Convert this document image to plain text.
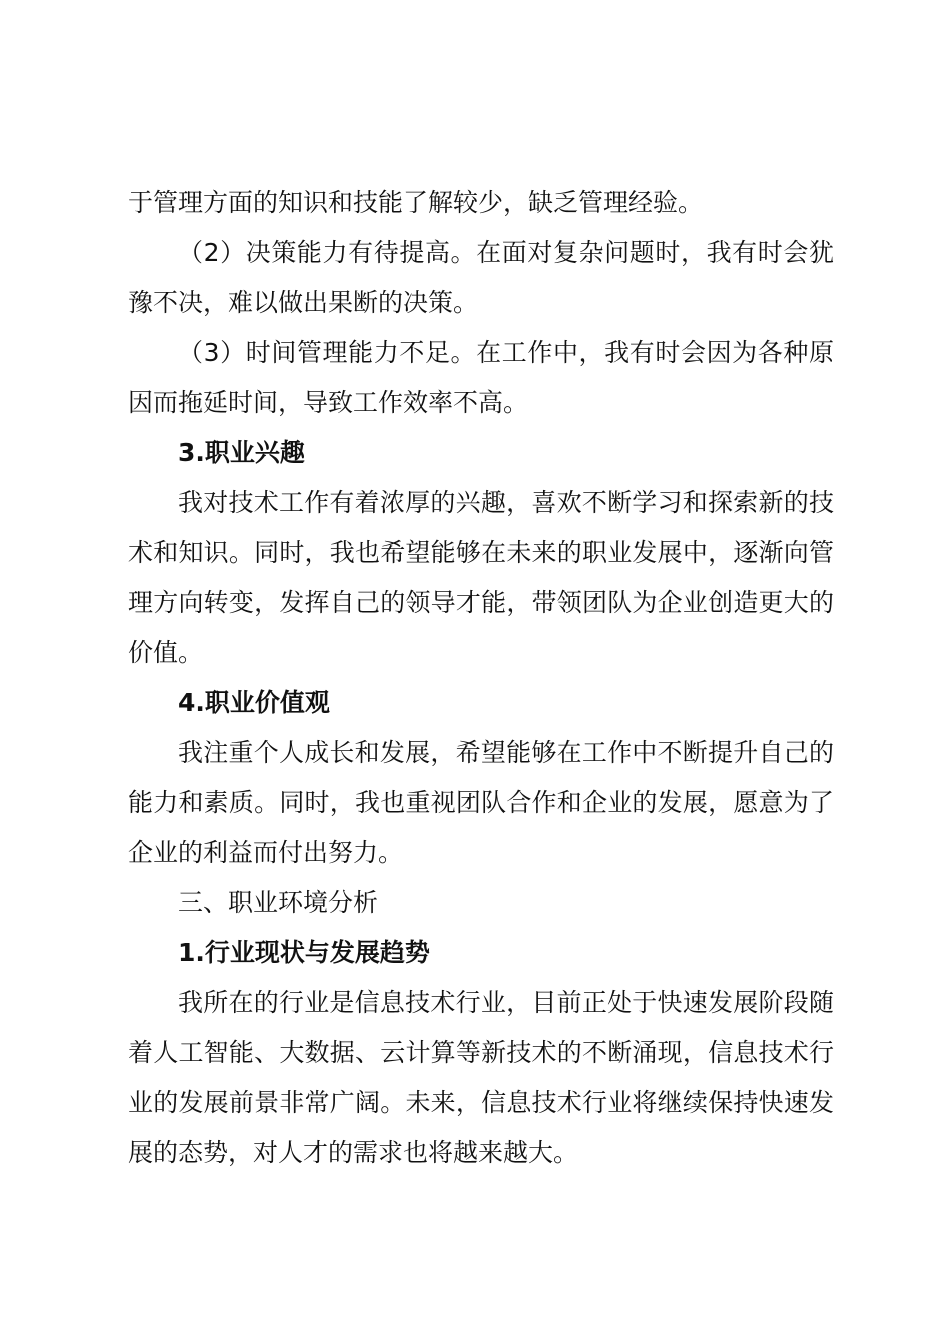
于管理方面的知识和技能了解较少，缺乏管理经验。

（2）决策能力有待提高。在面对复杂问题时，我有时会犹豫不决，难以做出果断的决策。

（3）时间管理能力不足。在工作中，我有时会因为各种原因而拖延时间，导致工作效率不高。

3.职业兴趣

我对技术工作有着浓厚的兴趣，喜欢不断学习和探索新的技术和知识。同时，我也希望能够在未来的职业发展中，逐渐向管理方向转变，发挥自己的领导才能，带领团队为企业创造更大的价值。

4.职业价值观

我注重个人成长和发展，希望能够在工作中不断提升自己的能力和素质。同时，我也重视团队合作和企业的发展，愿意为了企业的利益而付出努力。

三、职业环境分析

1.行业现状与发展趋势

我所在的行业是信息技术行业，目前正处于快速发展阶段随着人工智能、大数据、云计算等新技术的不断涌现，信息技术行业的发展前景非常广阔。未来，信息技术行业将继续保持快速发展的态势，对人才的需求也将越来越大。
